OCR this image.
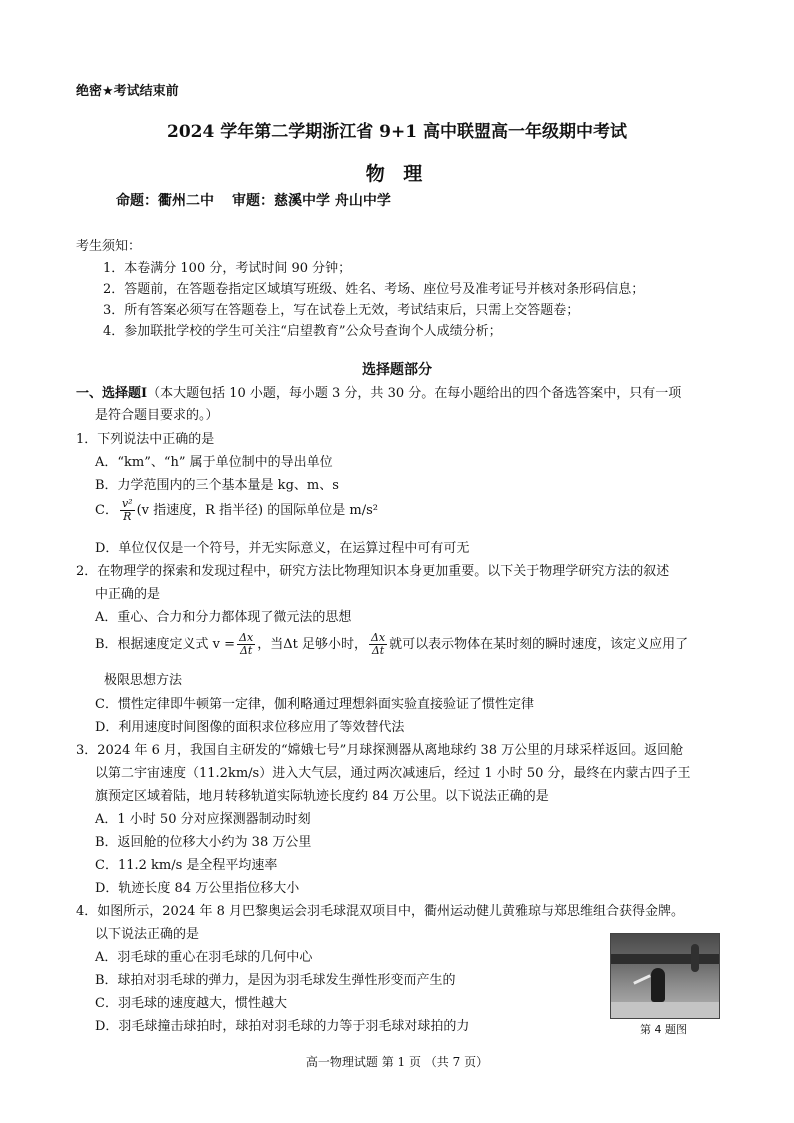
绝密★考试结束前
2024 学年第二学期浙江省 9+1 高中联盟高一年级期中考试
物 理
命题：衢州二中 审题：慈溪中学 舟山中学
考生须知：
1．本卷满分 100 分，考试时间 90 分钟；
2．答题前，在答题卷指定区域填写班级、姓名、考场、座位号及准考证号并核对条形码信息；
3．所有答案必须写在答题卷上，写在试卷上无效，考试结束后，只需上交答题卷；
4．参加联批学校的学生可关注“启望教育”公众号查询个人成绩分析；
选择题部分
一、选择题Ⅰ（本大题包括 10 小题，每小题 3 分，共 30 分。在每小题给出的四个备选答案中，只有一项
是符合题目要求的。）
1．下列说法中正确的是
A．“km”、“h” 属于单位制中的导出单位
B．力学范围内的三个基本量是 kg、m、s
C． $\frac{\text{v²}}{R} (v$ 指速度，R 指半径) 的国际单位是 m/s²
D．单位仅仅是一个符号，并无实际意义，在运算过程中可有可无
2．在物理学的探索和发现过程中，研究方法比物理知识本身更加重要。以下关于物理学研究方法的叙述
中正确的是
A．重心、合力和分力都体现了微元法的思想
B．根据速度定义式 $v = \frac{\Delta x}{\Delta t}$ ，当Δt 足够小时， $\frac{\Delta x}{\Delta t}$ 就可以表示物体在某时刻的瞬时速度，该定义应用了
极限思想方法
C．惯性定律即牛顿第一定律，伽利略通过理想斜面实验直接验证了惯性定律
D．利用速度时间图像的面积求位移应用了等效替代法
3．2024 年 6 月，我国自主研发的“嫦娥七号”月球探测器从离地球约 38 万公里的月球采样返回。返回舱
以第二宇宙速度（11.2km/s）进入大气层，通过两次减速后，经过 1 小时 50 分，最终在内蒙古四子王
旗预定区域着陆，地月转移轨道实际轨迹长度约 84 万公里。以下说法正确的是
A．1 小时 50 分对应探测器制动时刻
B．返回舱的位移大小约为 38 万公里
C．11.2 km/s 是全程平均速率
D．轨迹长度 84 万公里指位移大小
4．如图所示，2024 年 8 月巴黎奥运会羽毛球混双项目中，衢州运动健儿黄雅琼与郑思维组合获得金牌。
以下说法正确的是
A．羽毛球的重心在羽毛球的几何中心
B．球拍对羽毛球的弹力，是因为羽毛球发生弹性形变而产生的
C．羽毛球的速度越大，惯性越大
D．羽毛球撞击球拍时，球拍对羽毛球的力等于羽毛球对球拍的力	第 4 题图
高一物理试题 第 1 页 （共 7 页）
